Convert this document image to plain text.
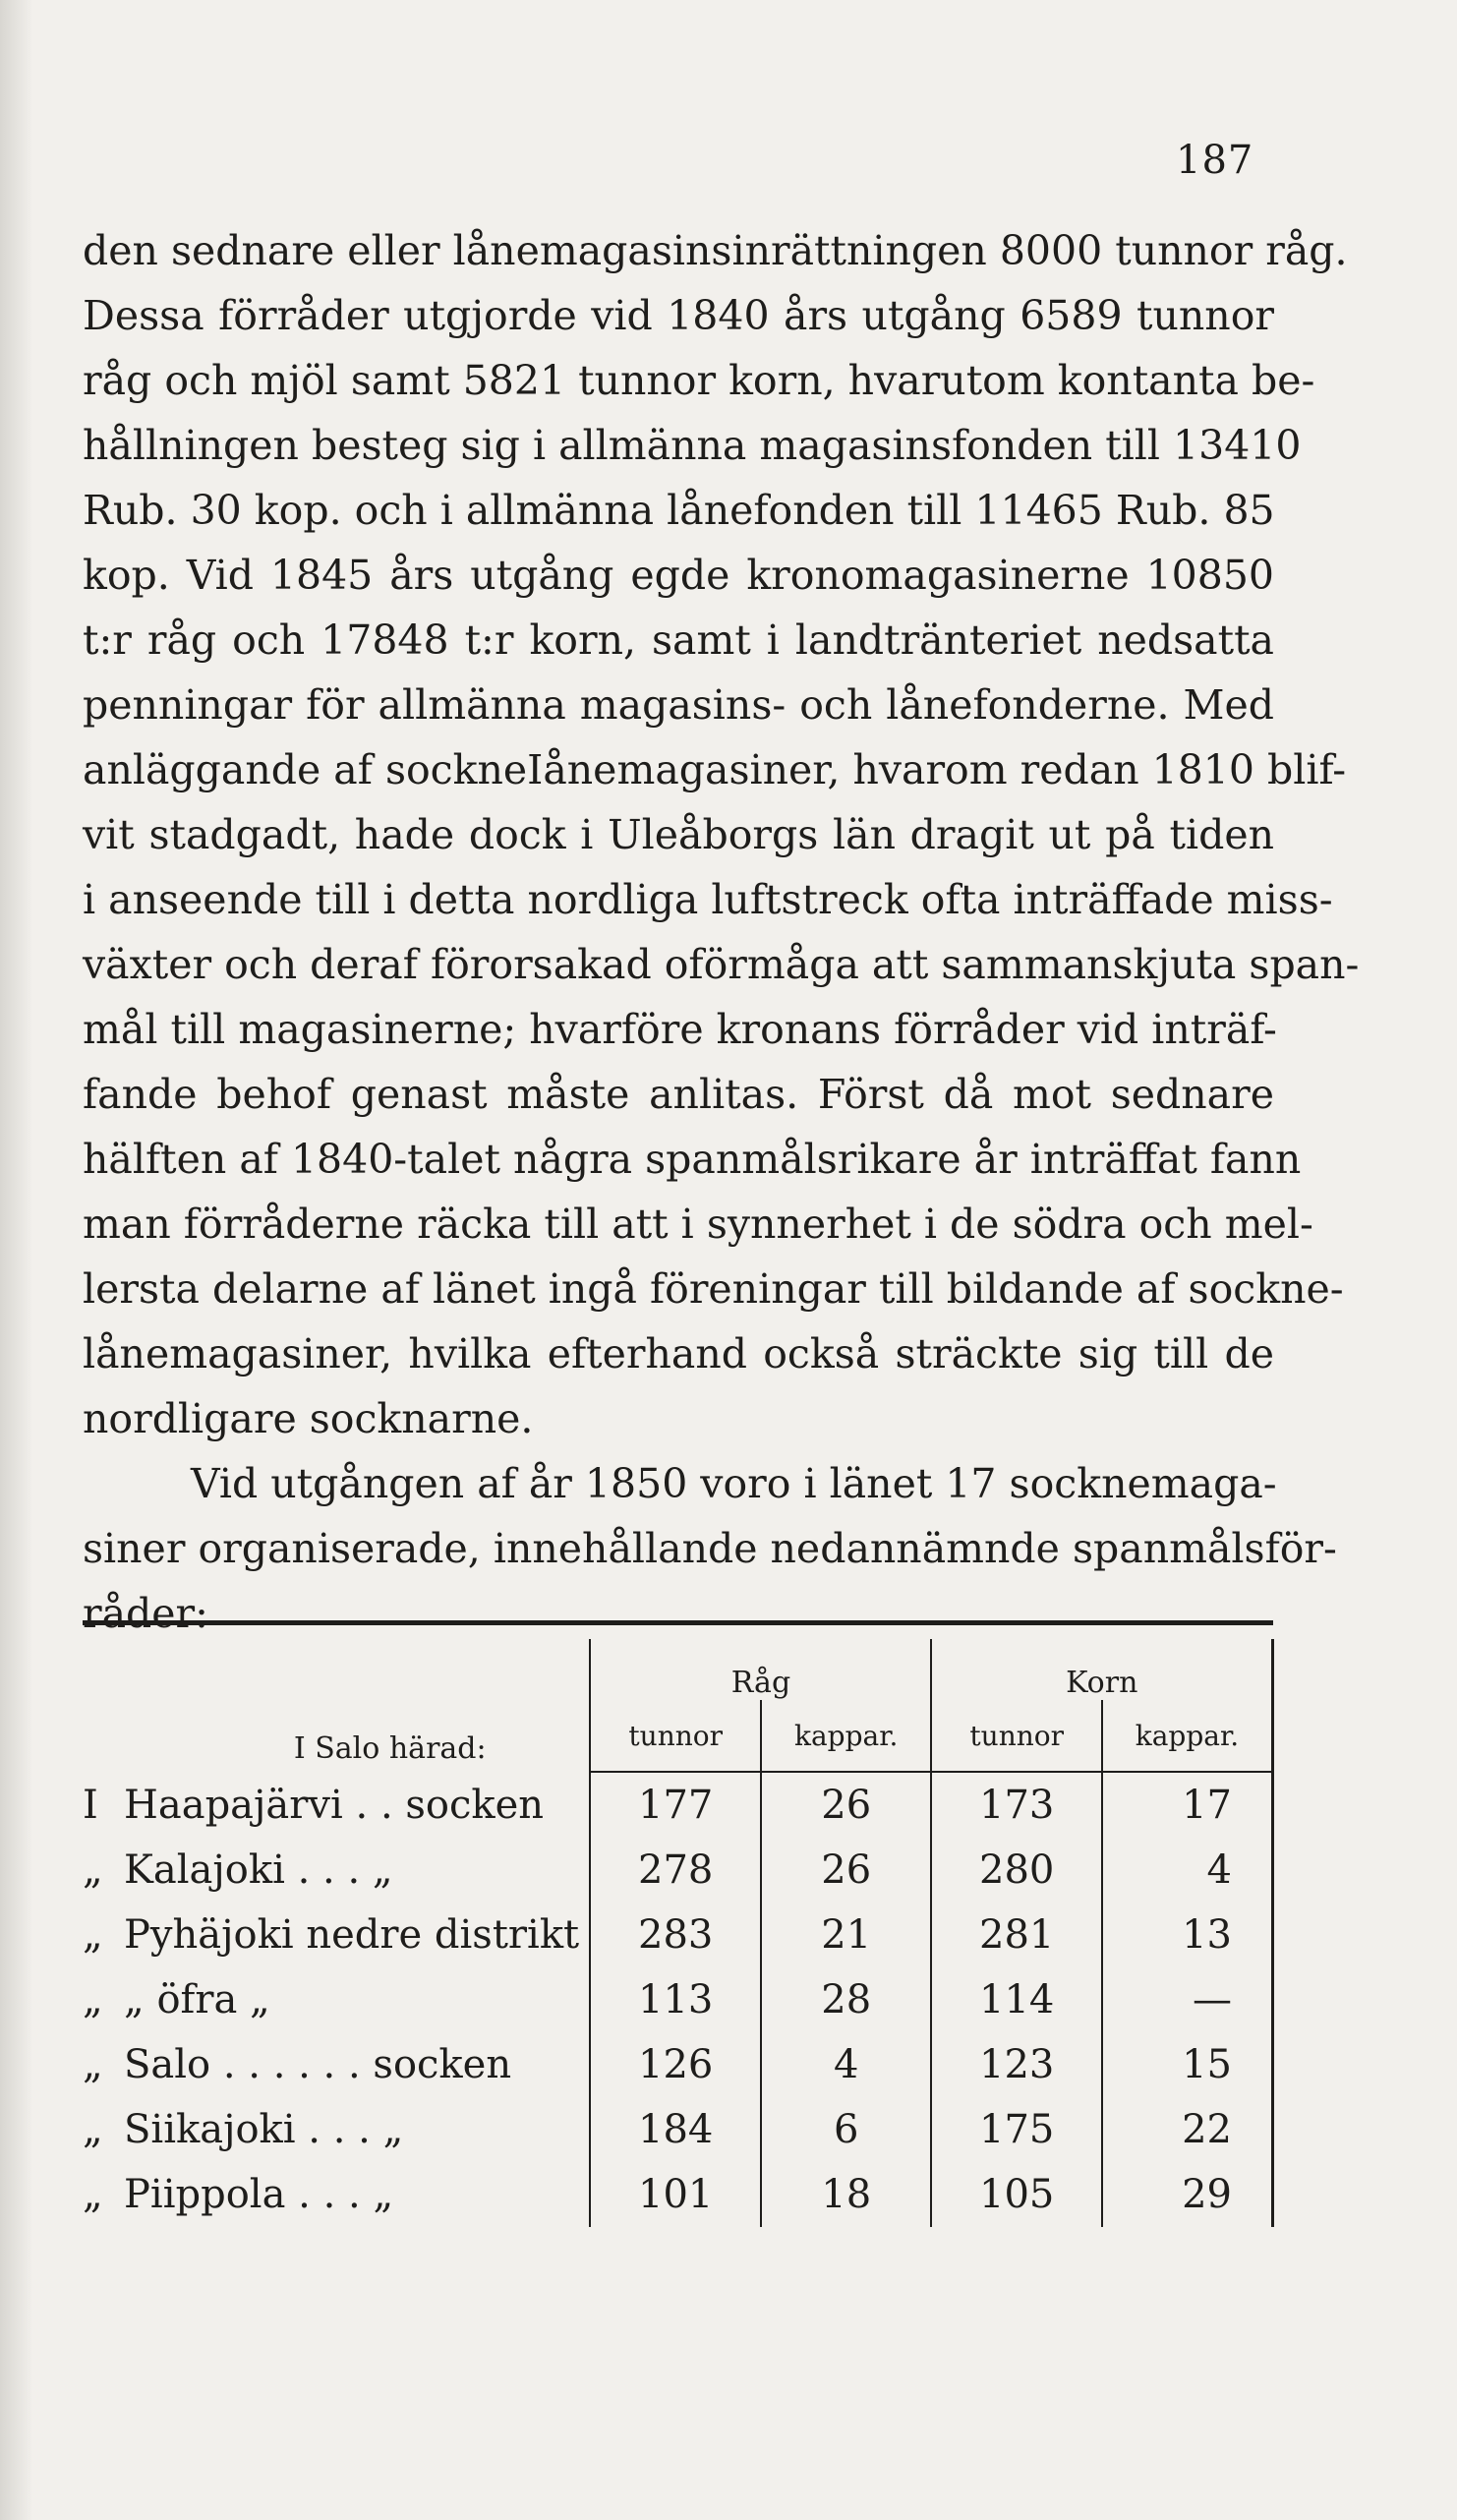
187
den sednare eller lånemagasinsinrättningen 8000 tunnor råg.
Dessa förråder utgjorde vid 1840 års utgång 6589 tunnor
råg och mjöl samt 5821 tunnor korn, hvarutom kontanta be-
hållningen besteg sig i allmänna magasinsfonden till 13410
Rub. 30 kop. och i allmänna lånefonden till 11465 Rub. 85
kop. Vid 1845 års utgång egde kronomagasinerne 10850
t:r råg och 17848 t:r korn, samt i landtränteriet nedsatta
penningar för allmänna magasins- och lånefonderne. Med
anläggande af sockneIånemagasiner, hvarom redan 1810 blif-
vit stadgadt, hade dock i Uleåborgs län dragit ut på tiden
i anseende till i detta nordliga luftstreck ofta inträffade miss-
växter och deraf förorsakad oförmåga att sammanskjuta span-
mål till magasinerne; hvarföre kronans förråder vid inträf-
fande behof genast måste anlitas. Först då mot sednare
hälften af 1840-talet några spanmålsrikare år inträffat fann
man förråderne räcka till att i synnerhet i de södra och mel-
lersta delarne af länet ingå föreningar till bildande af sockne-
lånemagasiner, hvilka efterhand också sträckte sig till de
nordligare socknarne.
Vid utgången af år 1850 voro i länet 17 socknemaga-
siner organiserade, innehållande nedannämnde spanmålsför-
råder:

I Salo härad:	Råg		Korn	
	tunnor	kappar.	tunnor	kappar.
I Haapajärvi . . socken	177	26	173	17
„ Kalajoki . . . „	278	26	280	4
„ Pyhäjoki nedre distrikt	283	21	281	13
„ „ öfra „	113	28	114	—
„ Salo . . . . . . socken	126	4	123	15
„ Siikajoki . . . „	184	6	175	22
„ Piippola . . . „	101	18	105	29
